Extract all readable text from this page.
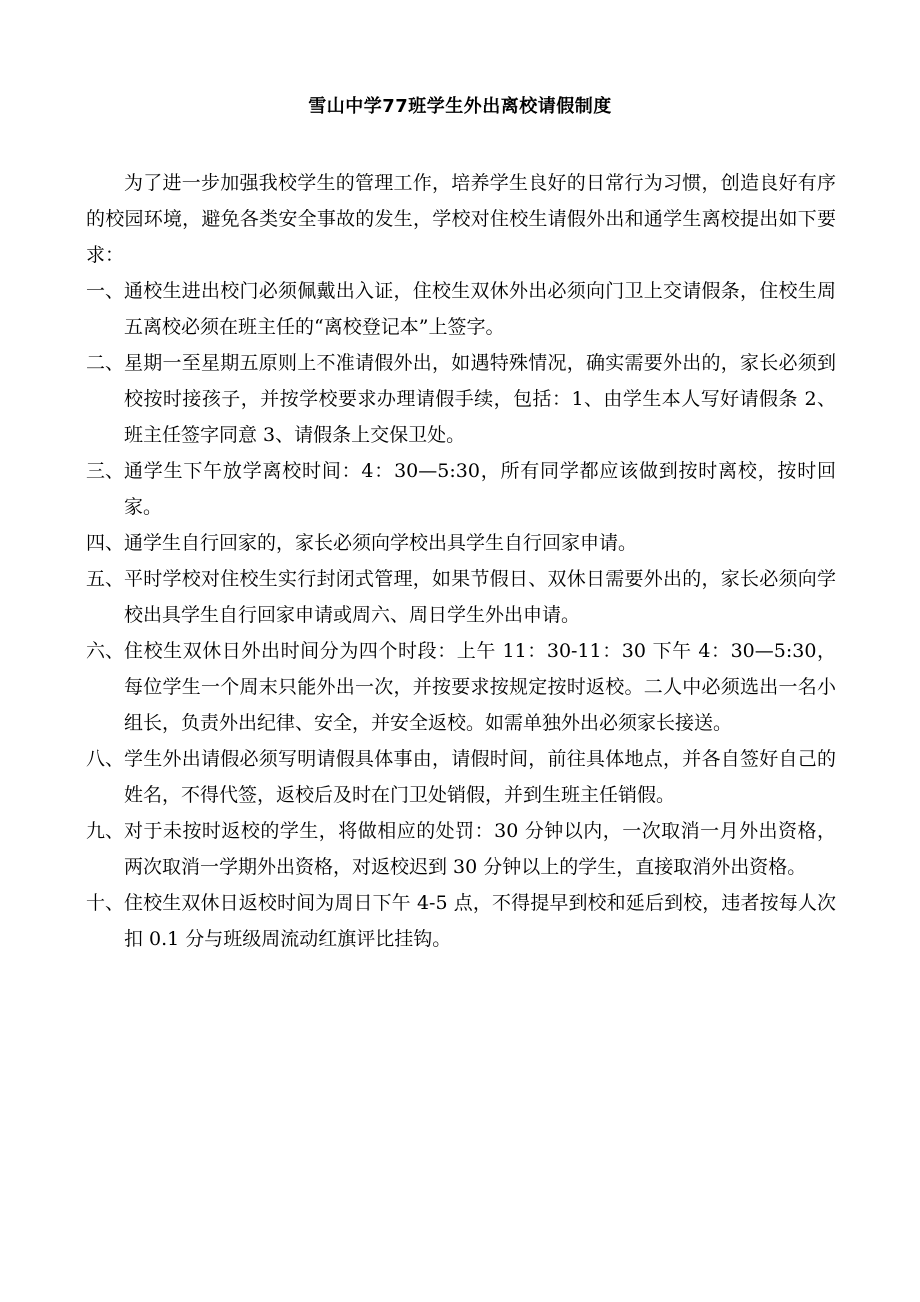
雪山中学77班学生外出离校请假制度

为了进一步加强我校学生的管理工作，培养学生良好的日常行为习惯，创造良好有序的校园环境，避免各类安全事故的发生，学校对住校生请假外出和通学生离校提出如下要求：

一、 通校生进出校门必须佩戴出入证，住校生双休外出必须向门卫上交请假条，住校生周五离校必须在班主任的“离校登记本”上签字。
二、 星期一至星期五原则上不准请假外出，如遇特殊情况，确实需要外出的，家长必须到校按时接孩子，并按学校要求办理请假手续，包括：1、由学生本人写好请假条 2、班主任签字同意 3、请假条上交保卫处。
三、 通学生下午放学离校时间：4：30—5:30，所有同学都应该做到按时离校，按时回家。
四、 通学生自行回家的，家长必须向学校出具学生自行回家申请。
五、 平时学校对住校生实行封闭式管理，如果节假日、双休日需要外出的，家长必须向学校出具学生自行回家申请或周六、周日学生外出申请。
六、 住校生双休日外出时间分为四个时段：上午 11：30-11：30 下午 4：30—5:30，每位学生一个周末只能外出一次，并按要求按规定按时返校。二人中必须选出一名小组长，负责外出纪律、安全，并安全返校。如需单独外出必须家长接送。
八、 学生外出请假必须写明请假具体事由，请假时间，前往具体地点，并各自签好自己的姓名，不得代签，返校后及时在门卫处销假，并到生班主任销假。
九、 对于未按时返校的学生，将做相应的处罚：30 分钟以内，一次取消一月外出资格，两次取消一学期外出资格，对返校迟到 30 分钟以上的学生，直接取消外出资格。
十、 住校生双休日返校时间为周日下午 4-5 点，不得提早到校和延后到校，违者按每人次扣 0.1 分与班级周流动红旗评比挂钩。
